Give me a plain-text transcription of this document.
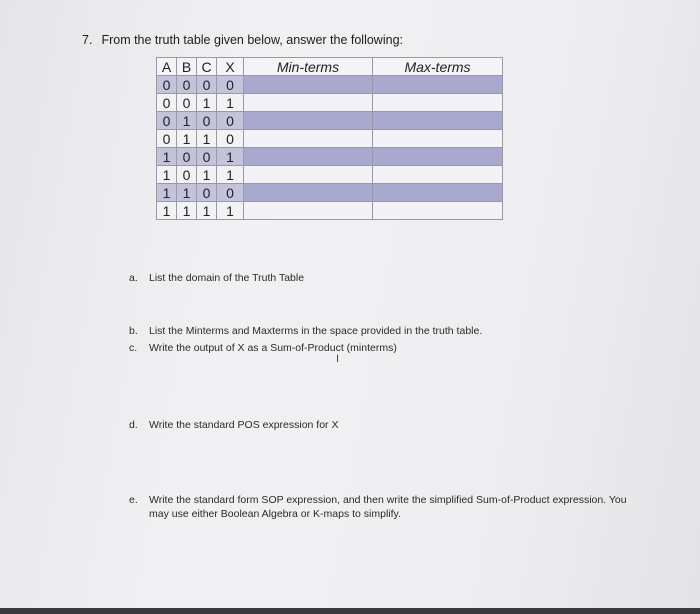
7. From the truth table given below, answer the following:
A	B	C	X	Min-terms	Max-terms
0	0	0	0		
0	0	1	1		
0	1	0	0		
0	1	1	0		
1	0	0	1		
1	0	1	1		
1	1	0	0		
1	1	1	1		
a. List the domain of the Truth Table
b. List the Minterms and Maxterms in the space provided in the truth table.
c. Write the output of X as a Sum-of-Product (minterms)
I
d. Write the standard POS expression for X
e.	Write the standard form SOP expression, and then write the simplified Sum-of-Product expression. You may use either Boolean Algebra or K-maps to simplify.
